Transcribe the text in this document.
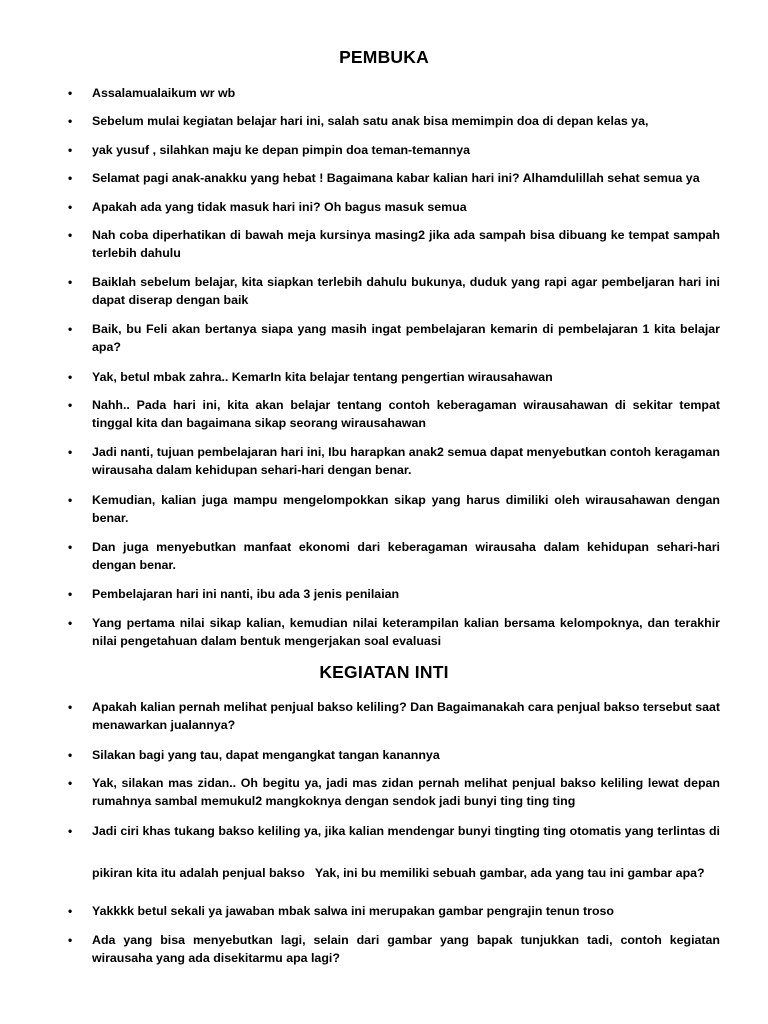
PEMBUKA
• Assalamualaikum wr wb
• Sebelum mulai kegiatan belajar hari ini, salah satu anak bisa memimpin doa di depan kelas ya,
• yak yusuf , silahkan maju ke depan pimpin doa teman-temannya
• Selamat pagi anak-anakku yang hebat ! Bagaimana kabar kalian hari ini? Alhamdulillah sehat semua ya
• Apakah ada yang tidak masuk hari ini? Oh bagus masuk semua
• Nah coba diperhatikan di bawah meja kursinya masing2 jika ada sampah bisa dibuang ke tempat sampah terlebih dahulu
• Baiklah sebelum belajar, kita siapkan terlebih dahulu bukunya, duduk yang rapi agar pembeljaran hari ini dapat diserap dengan baik
• Baik, bu Feli akan bertanya siapa yang masih ingat pembelajaran kemarin di pembelajaran 1 kita belajar apa?
• Yak, betul mbak zahra.. KemarIn kita belajar tentang pengertian wirausahawan
• Nahh.. Pada hari ini, kita akan belajar tentang contoh keberagaman wirausahawan di sekitar tempat tinggal kita dan bagaimana sikap seorang wirausahawan
• Jadi nanti, tujuan pembelajaran hari ini, Ibu harapkan anak2 semua dapat menyebutkan contoh keragaman wirausaha dalam kehidupan sehari-hari dengan benar.
• Kemudian, kalian juga mampu mengelompokkan sikap yang harus dimiliki oleh wirausahawan dengan benar.
• Dan juga menyebutkan manfaat ekonomi dari keberagaman wirausaha dalam kehidupan sehari-hari dengan benar.
• Pembelajaran hari ini nanti, ibu ada 3 jenis penilaian
• Yang pertama nilai sikap kalian, kemudian nilai keterampilan kalian bersama kelompoknya, dan terakhir nilai pengetahuan dalam bentuk mengerjakan soal evaluasi
KEGIATAN INTI
• Apakah kalian pernah melihat penjual bakso keliling? Dan Bagaimanakah cara penjual bakso tersebut saat menawarkan jualannya?
• Silakan bagi yang tau, dapat mengangkat tangan kanannya
• Yak, silakan mas zidan.. Oh begitu ya, jadi mas zidan pernah melihat penjual bakso keliling lewat depan rumahnya sambal memukul2 mangkoknya dengan sendok jadi bunyi ting ting ting
• Jadi ciri khas tukang bakso keliling ya, jika kalian mendengar bunyi tingting ting otomatis yang terlintas di
pikiran kita itu adalah penjual bakso   Yak, ini bu memiliki sebuah gambar, ada yang tau ini gambar apa?
• Yakkkk betul sekali ya jawaban mbak salwa ini merupakan gambar pengrajin tenun troso
• Ada yang bisa menyebutkan lagi, selain dari gambar yang bapak tunjukkan tadi, contoh kegiatan wirausaha yang ada disekitarmu apa lagi?
